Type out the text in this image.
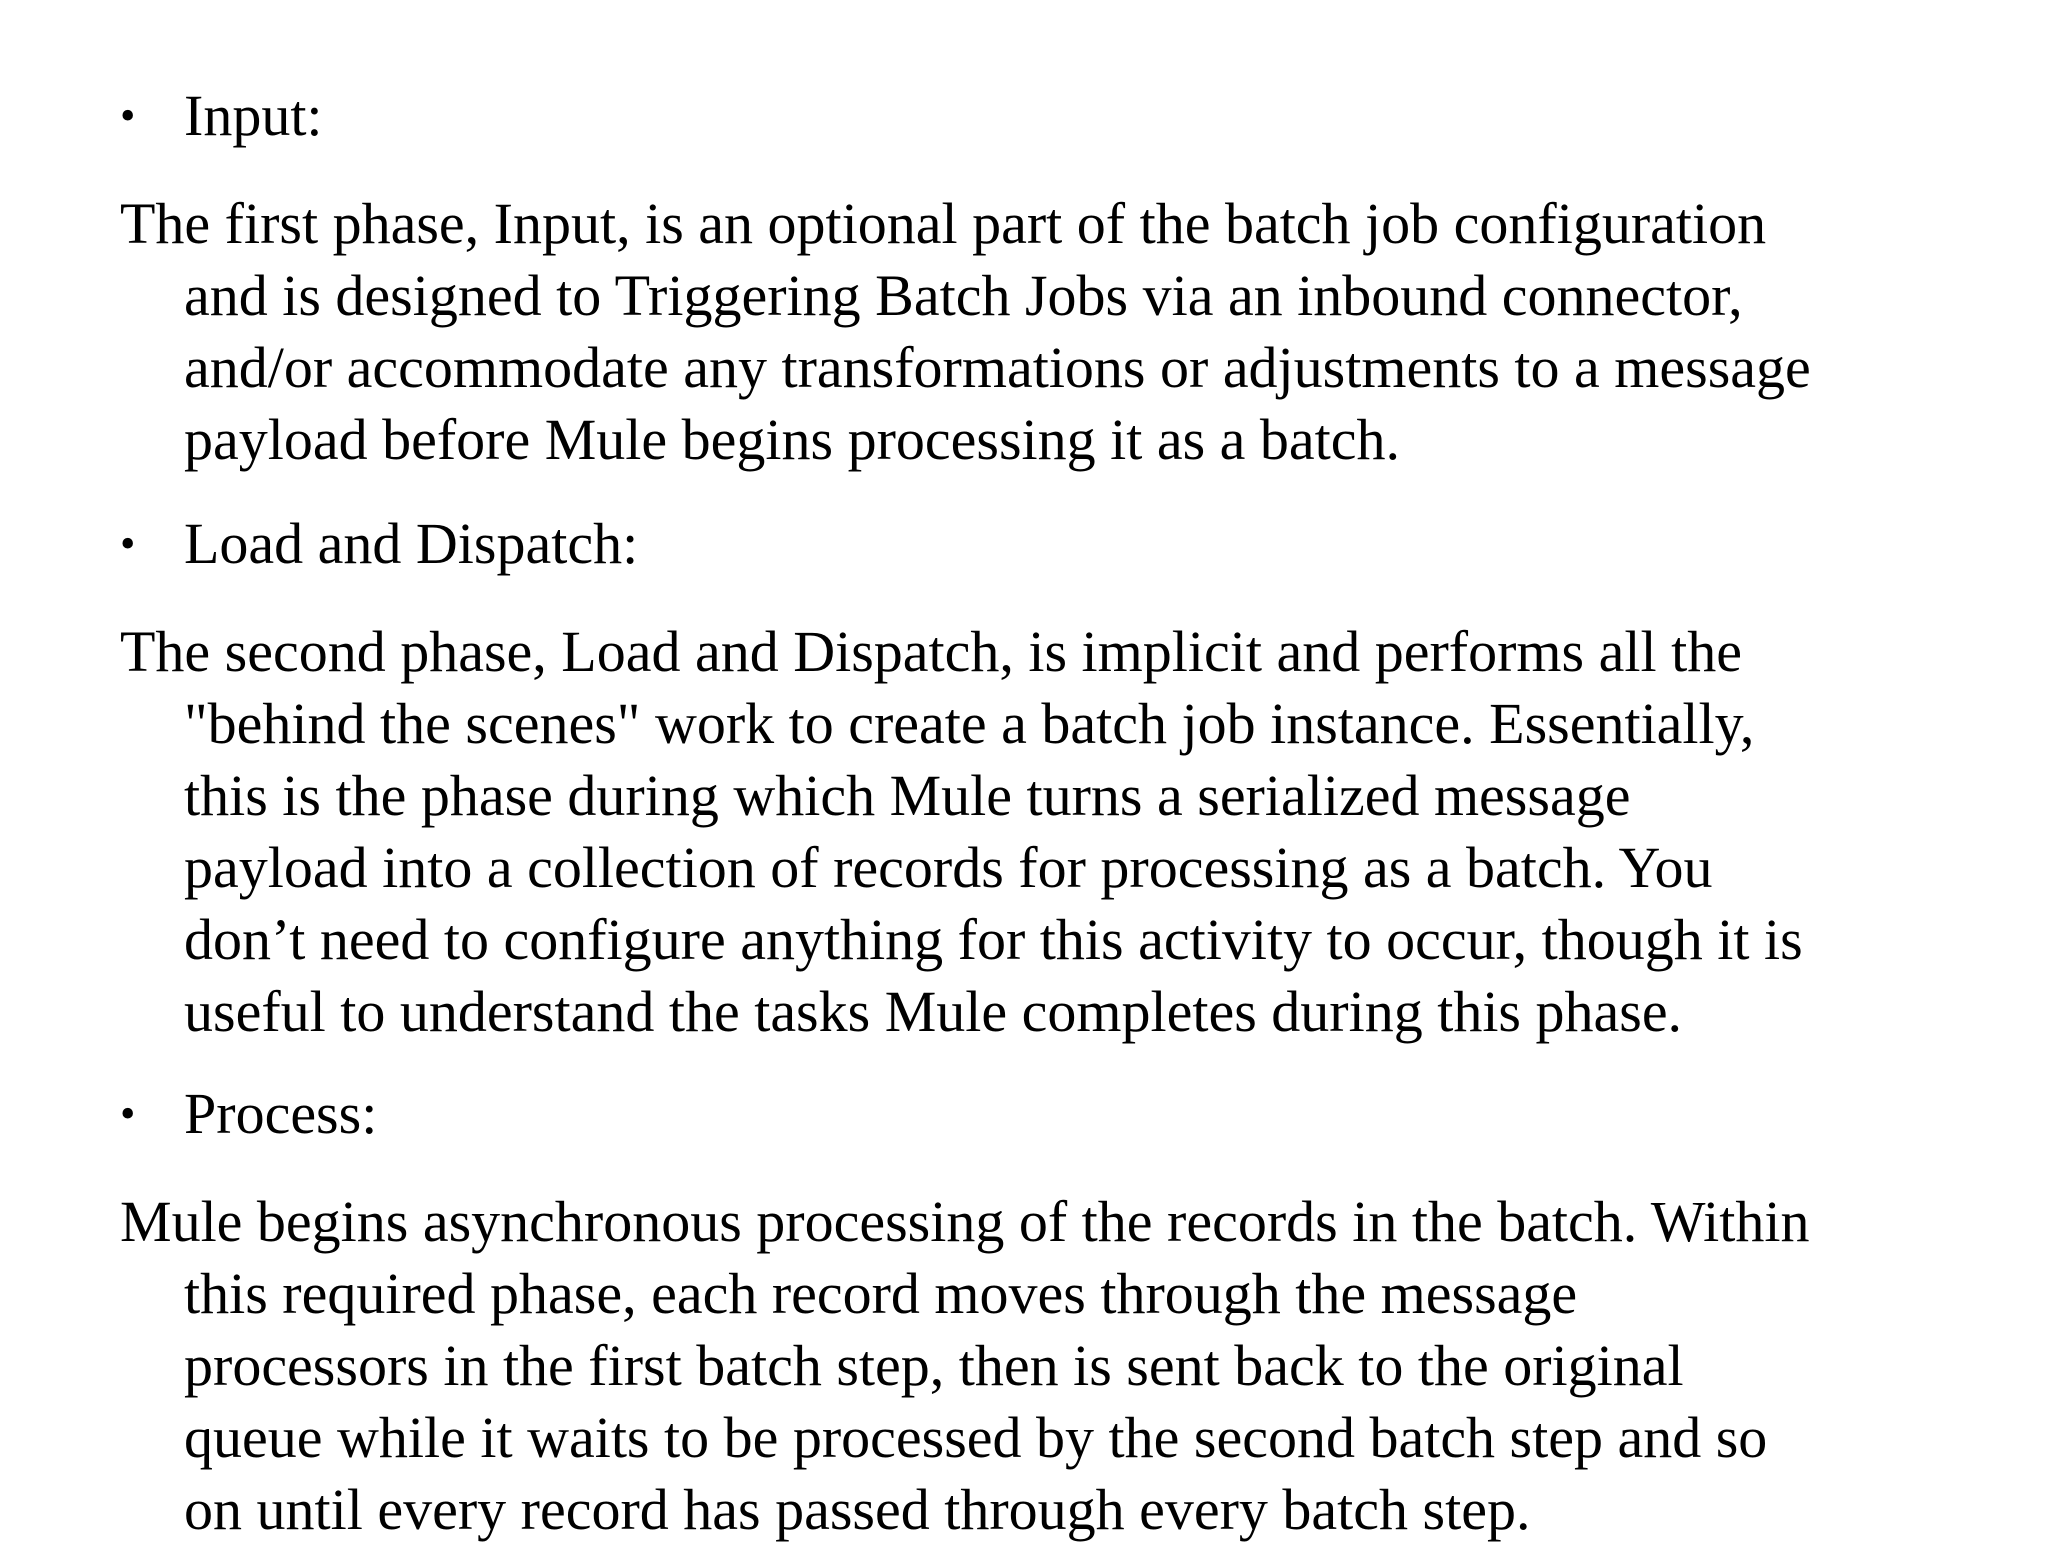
• Input:
The first phase, Input, is an optional part of the batch job configuration
and is designed to Triggering Batch Jobs via an inbound connector,
and/or accommodate any transformations or adjustments to a message
payload before Mule begins processing it as a batch.
• Load and Dispatch:
The second phase, Load and Dispatch, is implicit and performs all the
"behind the scenes" work to create a batch job instance. Essentially,
this is the phase during which Mule turns a serialized message
payload into a collection of records for processing as a batch. You
don’t need to configure anything for this activity to occur, though it is
useful to understand the tasks Mule completes during this phase.
• Process:
Mule begins asynchronous processing of the records in the batch. Within
this required phase, each record moves through the message
processors in the first batch step, then is sent back to the original
queue while it waits to be processed by the second batch step and so
on until every record has passed through every batch step.
